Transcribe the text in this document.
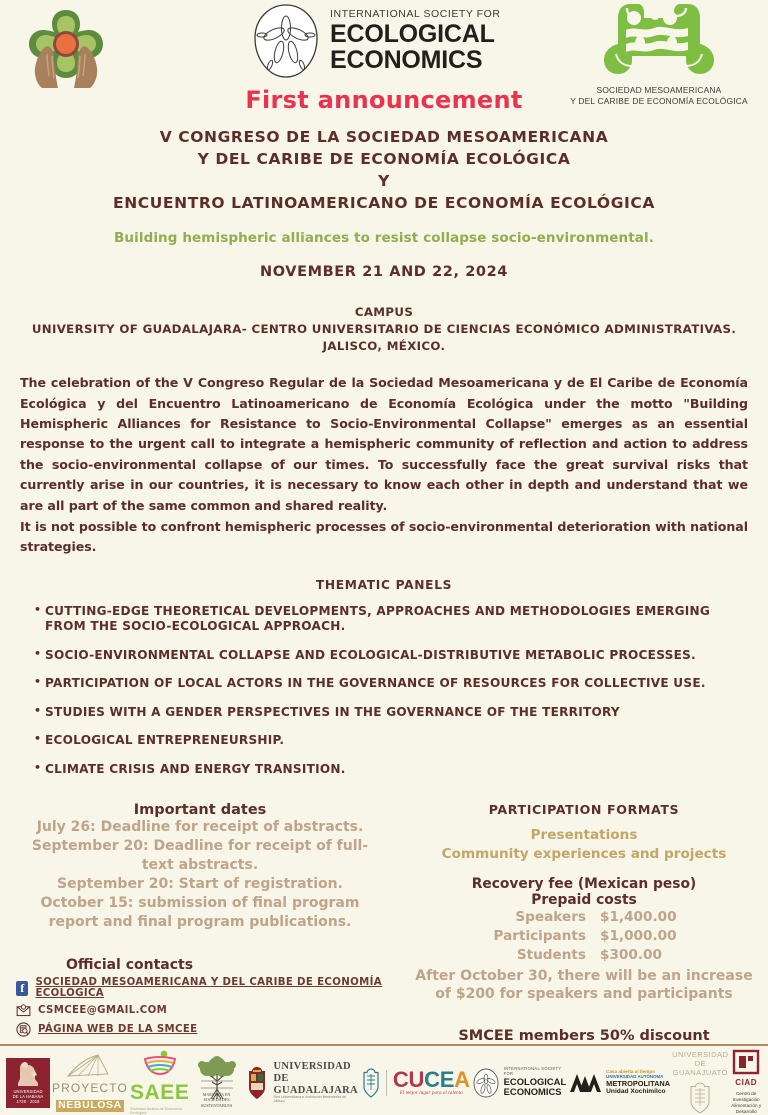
INTERNATIONAL SOCIETY FOR
ECOLOGICAL
ECONOMICS
First announcement	SOCIEDAD MESOAMERICANA
Y DEL CARIBE DE ECONOMÍA ECOLÓGICA
V CONGRESO DE LA SOCIEDAD MESOAMERICANA
Y DEL CARIBE DE ECONOMÍA ECOLÓGICA
Y
ENCUENTRO LATINOAMERICANO DE ECONOMÍA ECOLÓGICA
Building hemispheric alliances to resist collapse socio-environmental.
NOVEMBER 21 AND 22, 2024
CAMPUS
UNIVERSITY OF GUADALAJARA- CENTRO UNIVERSITARIO DE CIENCIAS ECONÓMICO ADMINISTRATIVAS.
JALISCO, MÉXICO.

The celebration of the V Congreso Regular de la Sociedad Mesoamericana y de El Caribe de Economía Ecológica y del Encuentro Latinoamericano de Economía Ecológica under the motto "Building Hemispheric Alliances for Resistance to Socio-Environmental Collapse" emerges as an essential response to the urgent call to integrate a hemispheric community of reflection and action to address the socio-environmental collapse of our times. To successfully face the great survival risks that currently arise in our countries, it is necessary to know each other in depth and understand that we are all part of the same common and shared reality.

It is not possible to confront hemispheric processes of socio-environmental deterioration with national strategies.

THEMATIC PANELS
• CUTTING-EDGE THEORETICAL DEVELOPMENTS, APPROACHES AND METHODOLOGIES EMERGING FROM THE SOCIO-ECOLOGICAL APPROACH.
• SOCIO-ENVIRONMENTAL COLLAPSE AND ECOLOGICAL-DISTRIBUTIVE METABOLIC PROCESSES.
• PARTICIPATION OF LOCAL ACTORS IN THE GOVERNANCE OF RESOURCES FOR COLLECTIVE USE.
• STUDIES WITH A GENDER PERSPECTIVES IN THE GOVERNANCE OF THE TERRITORY
• ECOLOGICAL ENTREPRENEURSHIP.
• CLIMATE CRISIS AND ENERGY TRANSITION.
Important dates
July 26: Deadline for receipt of abstracts.
September 20: Deadline for receipt of full-text abstracts.
September 20: Start of registration.
October 15: submission of final program report and final program publications.
Official contacts
f	SOCIEDAD MESOAMERICANA Y DEL CARIBE DE ECONOMÍA ECOLÓGICA
CSMCEE@GMAIL.COM
PÁGINA WEB DE LA SMCEE
PARTICIPATION FORMATS
Presentations
Community experiences and projects
Recovery fee (Mexican peso)
Prepaid costs
Speakers	$1,400.00
Participants	$1,000.00
Students	$300.00
After October 30, there will be an increase of $200 for speakers and participants
SMCEE members 50% discount
UNIVERSIDAD
DE LA HABANA
1728 · 2018
PROYECTO
NEBULOSA
SAEE
Sociedad Andina de Economía Ecológica
MAESTRÍA EN
SOCIEDADES SUSTENTABLES
UNIVERSIDAD DE
GUADALAJARA
Red Universitaria e Institución Benemérita de Jalisco
C U C E A
El mejor lugar para el talento
INTERNATIONAL SOCIETY FOR
ECOLOGICAL
ECONOMICS
Casa abierta al tiempo
UNIVERSIDAD AUTÓNOMA
METROPOLITANA
Unidad Xochimilco
UNIVERSIDAD DE
GUANAJUATO
CIAD
Centro de Investigación
Alimentación y Desarrollo
